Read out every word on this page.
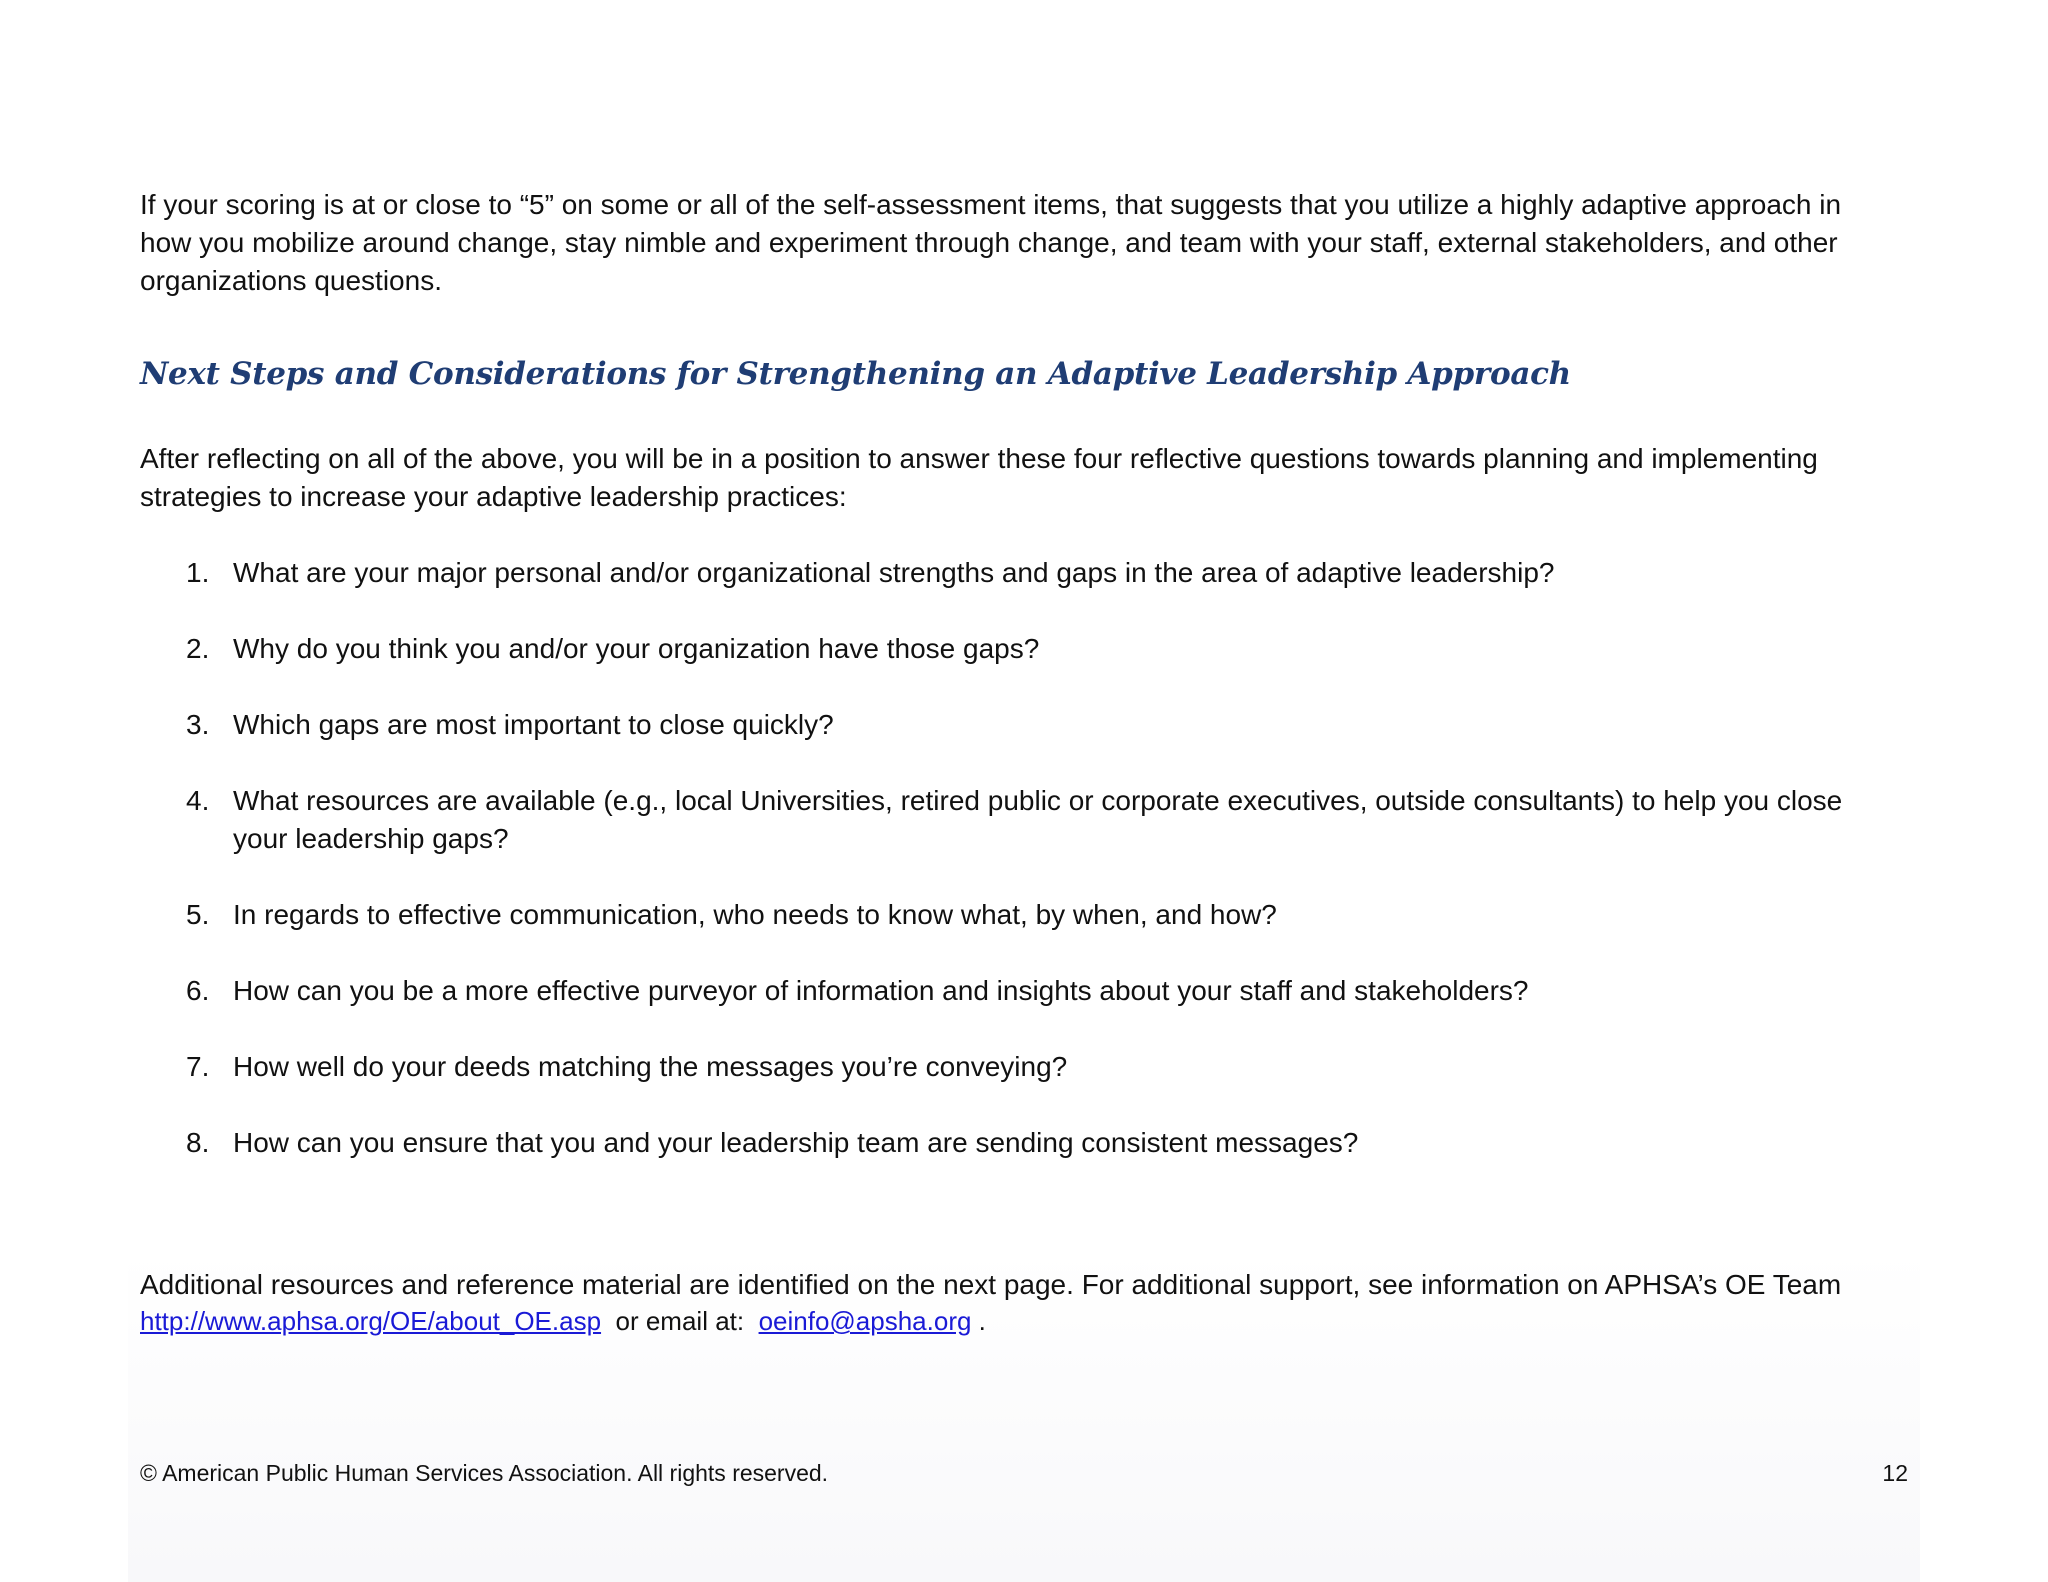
If your scoring is at or close to “5” on some or all of the self-assessment items, that suggests that you utilize a highly adaptive approach in how you mobilize around change, stay nimble and experiment through change, and team with your staff, external stakeholders, and other organizations questions.

Next Steps and Considerations for Strengthening an Adaptive Leadership Approach

After reflecting on all of the above, you will be in a position to answer these four reflective questions towards planning and implementing strategies to increase your adaptive leadership practices:

1. What are your major personal and/or organizational strengths and gaps in the area of adaptive leadership?
2. Why do you think you and/or your organization have those gaps?
3. Which gaps are most important to close quickly?
4. What resources are available (e.g., local Universities, retired public or corporate executives, outside consultants) to help you close your leadership gaps?
5. In regards to effective communication, who needs to know what, by when, and how?
6. How can you be a more effective purveyor of information and insights about your staff and stakeholders?
7. How well do your deeds matching the messages you’re conveying?
8. How can you ensure that you and your leadership team are sending consistent messages?

Additional resources and reference material are identified on the next page. For additional support, see information on APHSA’s OE Team

http://www.aphsa.org/OE/about_OE.asp or email at: oeinfo@apsha.org .

© American Public Human Services Association. All rights reserved.	12
